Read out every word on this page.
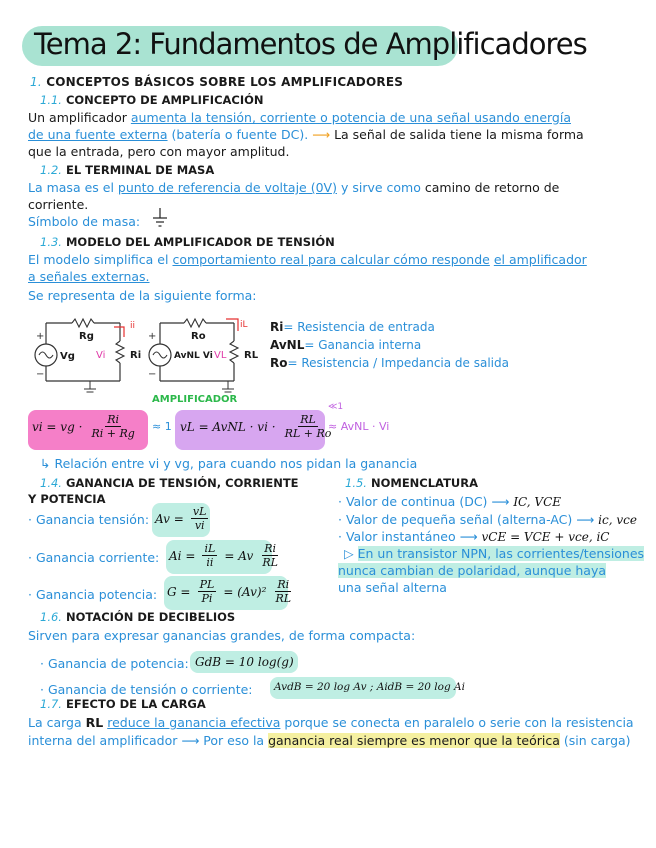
Tema 2: Fundamentos de Amplificadores
1. CONCEPTOS BÁSICOS SOBRE LOS AMPLIFICADORES
1.1. CONCEPTO DE AMPLIFICACIÓN
Un amplificador aumenta la tensión, corriente o potencia de una señal usando energía
de una fuente externa (batería o fuente DC). ⟶ La señal de salida tiene la misma forma
que la entrada, pero con mayor amplitud.
1.2. EL TERMINAL DE MASA
La masa es el punto de referencia de voltaje (0V) y sirve como camino de retorno de
corriente.
Símbolo de masa:
1.3. MODELO DEL AMPLIFICADOR DE TENSIÓN
El modelo simplifica el comportamiento real para calcular cómo responde el amplificador
a señales externas.
Se representa de la siguiente forma:
+
−
+
−
Rg
Vg Vi Ri
ii
Ro
AvNL Vi VL RL
iL
AMPLIFICADOR
Ri= Resistencia de entrada
AvNL= Ganancia interna
Ro= Resistencia / Impedancia de salida
vi = vg · $\frac{Ri}{Ri + Rg} \approx 1$ vL = AvNL · vi · $\frac{RL}{RL + Ro}$
≪1
≈ AvNL · Vi
↳ Relación entre vi y vg, para cuando nos pidan la ganancia
1.4. GANANCIA DE TENSIÓN, CORRIENTE
Y POTENCIA
· Ganancia tensión: $Av = \frac{vL}{vi}$
· Ganancia corriente: $Ai = \frac{iL}{ii} = Av \frac{Ri}{RL}$
· Ganancia potencia: $G = \frac{PL}{Pi} = (Av)^2 \frac{Ri}{RL}$
1.5. NOMENCLATURA
· Valor de continua (DC) ⟶ IC, VCE
· Valor de pequeña señal (alterna-AC) ⟶ ic, vce
· Valor instantáneo ⟶ vCE = VCE + vce, iC
▷ En un transistor NPN, las corrientes/tensiones
nunca cambian de polaridad, aunque haya
una señal alterna
1.6. NOTACIÓN DE DECIBELIOS
Sirven para expresar ganancias grandes, de forma compacta:
· Ganancia de potencia: GdB = 10 log(g)
· Ganancia de tensión o corriente: AvdB = 20 log Av ; AidB = 20 log Ai
1.7. EFECTO DE LA CARGA
La carga RL reduce la ganancia efectiva porque se conecta en paralelo o serie con la resistencia
interna del amplificador ⟶ Por eso la ganancia real siempre es menor que la teórica (sin carga)
